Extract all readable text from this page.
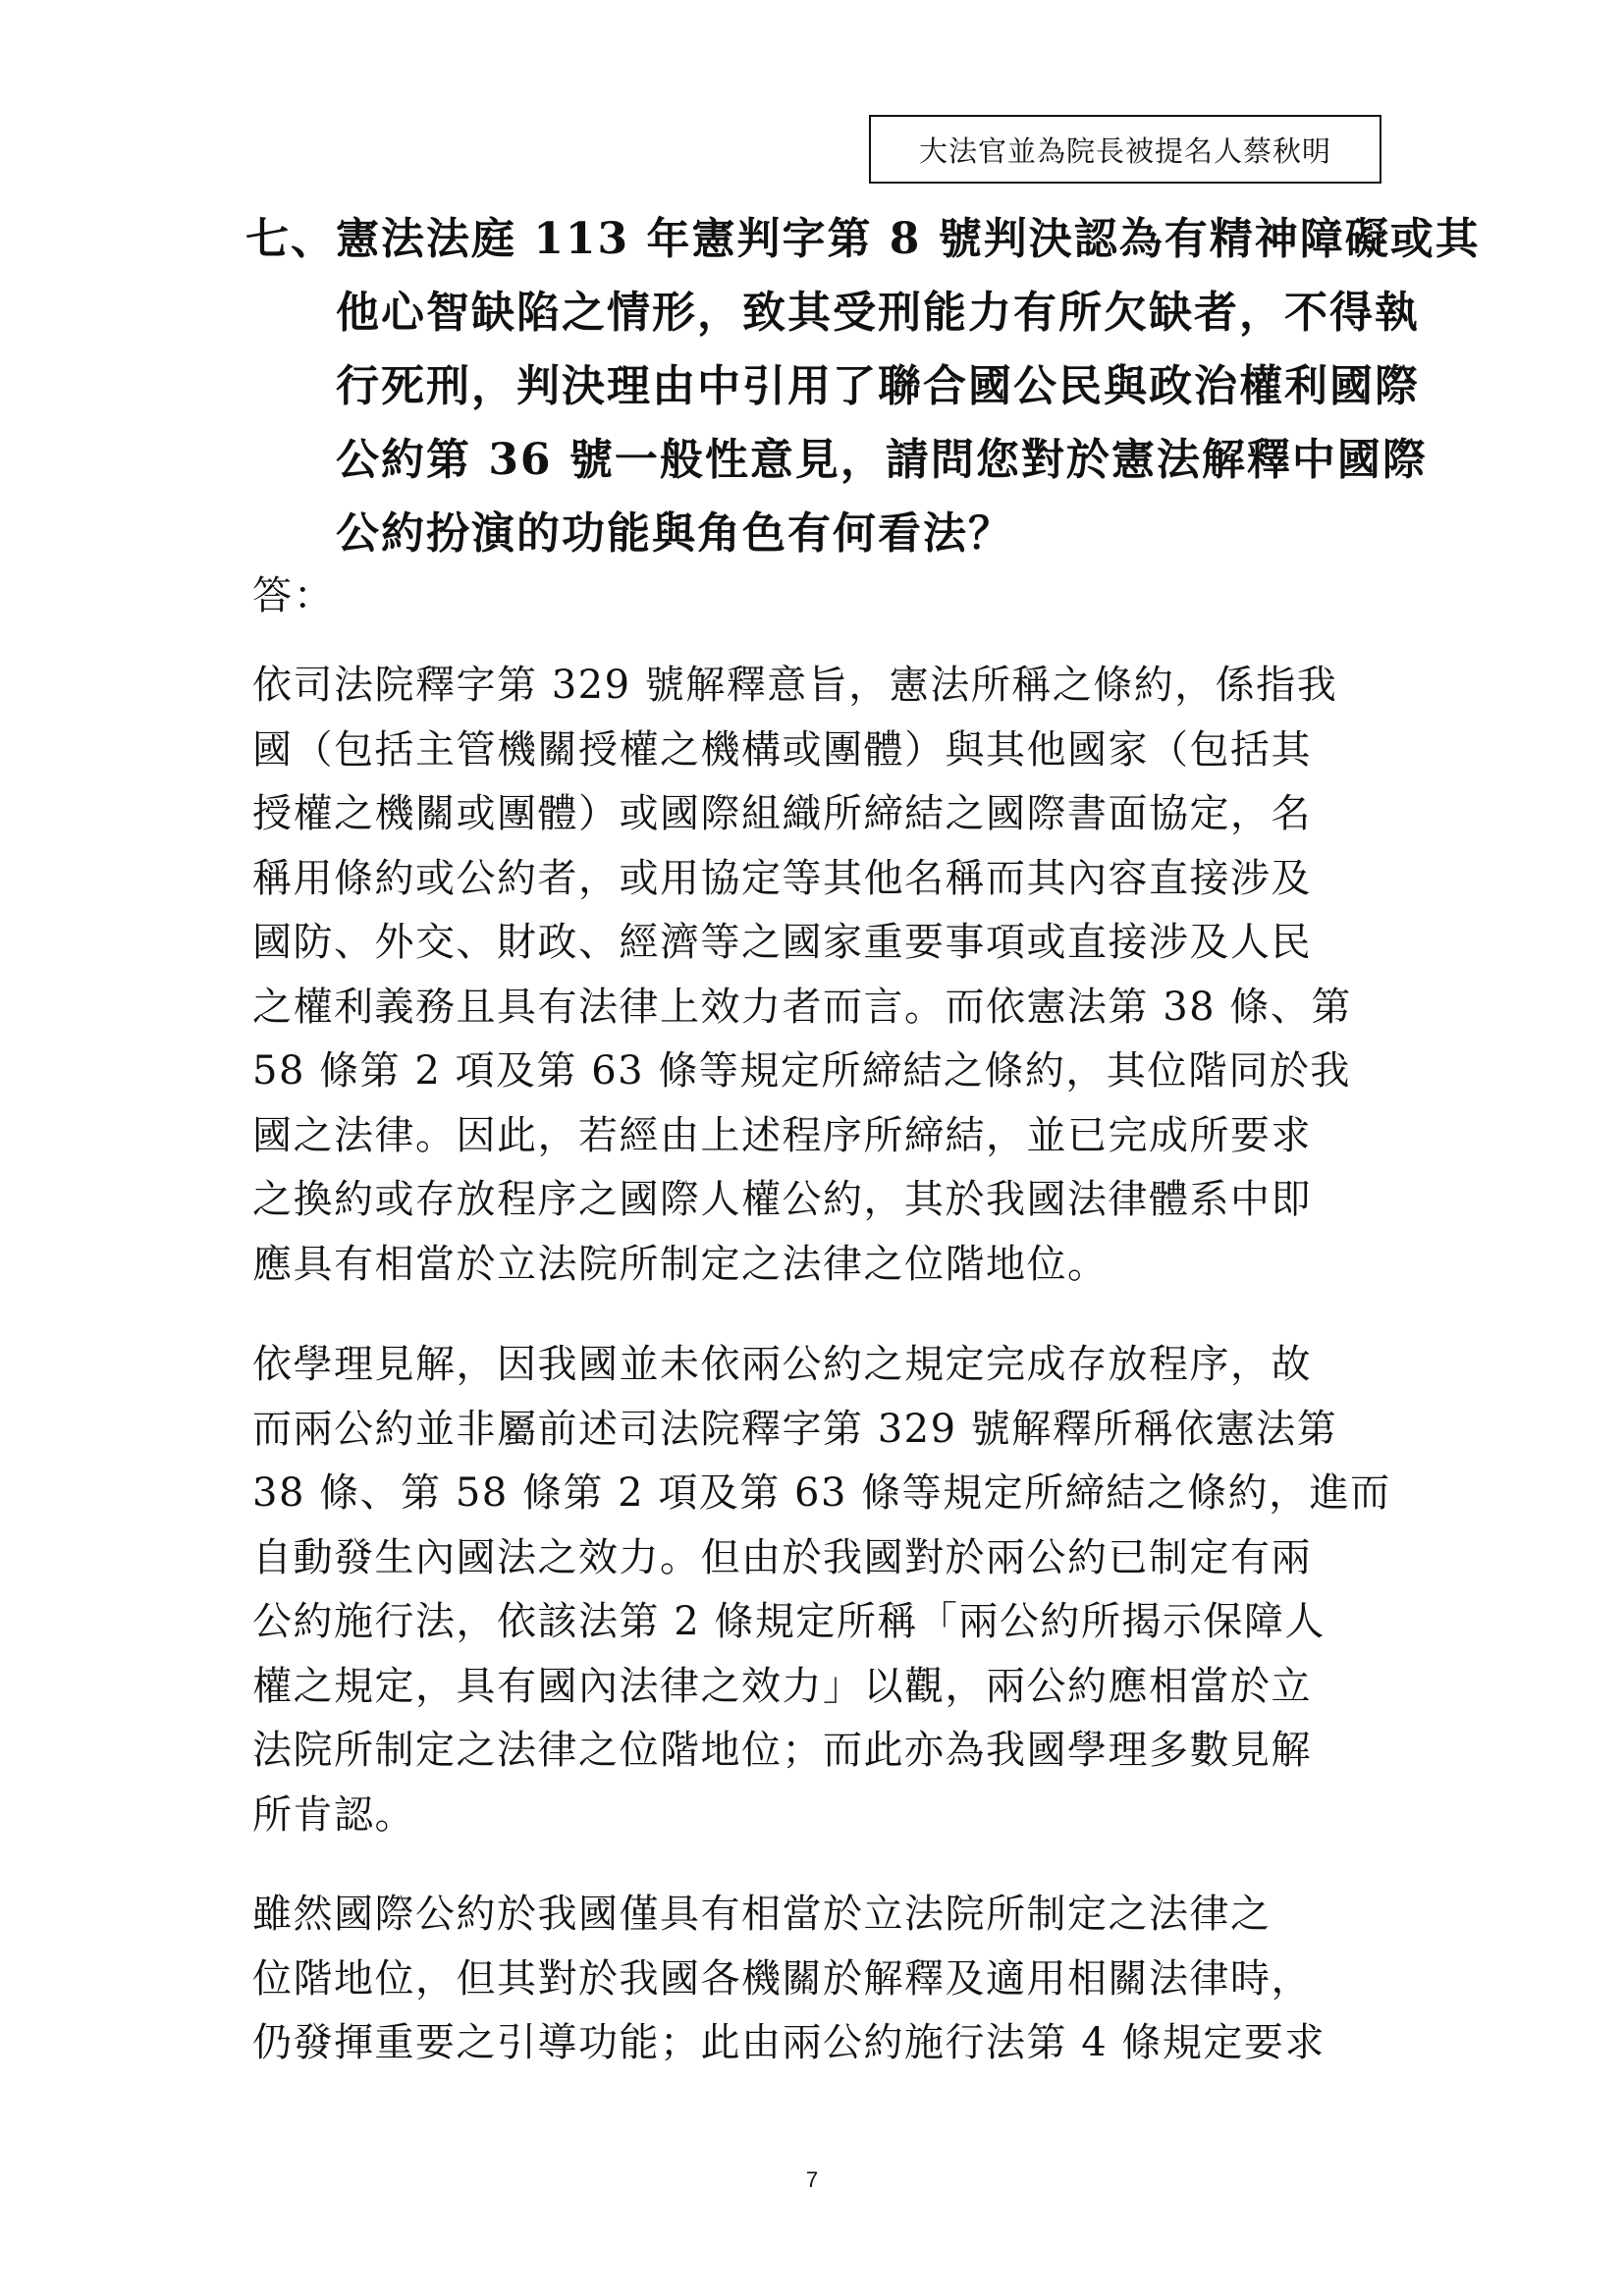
大法官並為院長被提名人蔡秋明
七、憲法法庭 113 年憲判字第 8 號判決認為有精神障礙或其
他心智缺陷之情形，致其受刑能力有所欠缺者，不得執
行死刑，判決理由中引用了聯合國公民與政治權利國際
公約第 36 號一般性意見，請問您對於憲法解釋中國際
公約扮演的功能與角色有何看法？
答：
依司法院釋字第 329 號解釋意旨，憲法所稱之條約，係指我
國（包括主管機關授權之機構或團體）與其他國家（包括其
授權之機關或團體）或國際組織所締結之國際書面協定，名
稱用條約或公約者，或用協定等其他名稱而其內容直接涉及
國防、外交、財政、經濟等之國家重要事項或直接涉及人民
之權利義務且具有法律上效力者而言。而依憲法第 38 條、第
58 條第 2 項及第 63 條等規定所締結之條約，其位階同於我
國之法律。因此，若經由上述程序所締結，並已完成所要求
之換約或存放程序之國際人權公約，其於我國法律體系中即
應具有相當於立法院所制定之法律之位階地位。
依學理見解，因我國並未依兩公約之規定完成存放程序，故
而兩公約並非屬前述司法院釋字第 329 號解釋所稱依憲法第
38 條、第 58 條第 2 項及第 63 條等規定所締結之條約，進而
自動發生內國法之效力。但由於我國對於兩公約已制定有兩
公約施行法，依該法第 2 條規定所稱「兩公約所揭示保障人
權之規定，具有國內法律之效力」以觀，兩公約應相當於立
法院所制定之法律之位階地位；而此亦為我國學理多數見解
所肯認。
雖然國際公約於我國僅具有相當於立法院所制定之法律之
位階地位，但其對於我國各機關於解釋及適用相關法律時，
仍發揮重要之引導功能；此由兩公約施行法第 4 條規定要求
7
